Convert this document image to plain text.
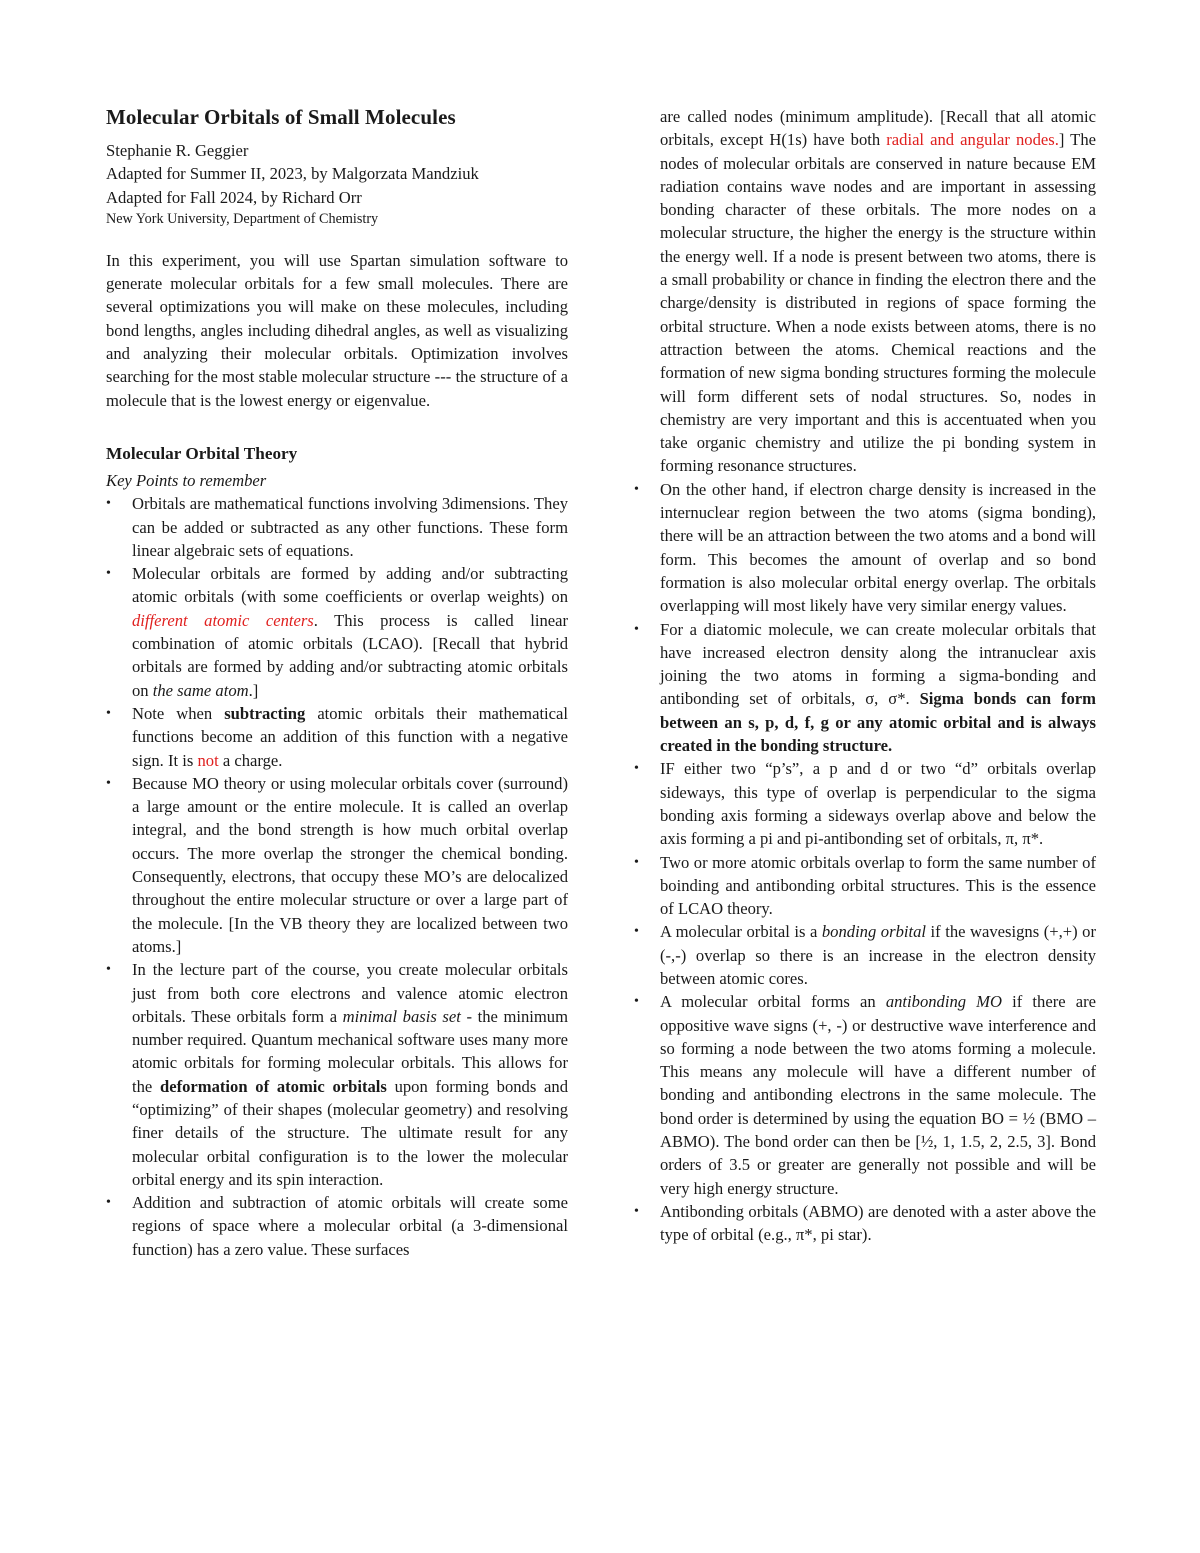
Molecular Orbitals of Small Molecules

Stephanie R. Geggier

Adapted for Summer II, 2023, by Malgorzata Mandziuk

Adapted for Fall 2024, by Richard Orr

New York University, Department of Chemistry

In this experiment, you will use Spartan simulation software to generate molecular orbitals for a few small molecules. There are several optimizations you will make on these molecules, including bond lengths, angles including dihedral angles, as well as visualizing and analyzing their molecular orbitals. Optimization involves searching for the most stable molecular structure --- the structure of a molecule that is the lowest energy or eigenvalue.

Molecular Orbital Theory

Key Points to remember

•	Orbitals are mathematical functions involving 3dimensions. They can be added or subtracted as any other functions. These form linear algebraic sets of equations.
•	Molecular orbitals are formed by adding and/or subtracting atomic orbitals (with some coefficients or overlap weights) on different atomic centers. This process is called linear combination of atomic orbitals (LCAO). [Recall that hybrid orbitals are formed by adding and/or subtracting atomic orbitals on the same atom.]
•	Note when subtracting atomic orbitals their mathematical functions become an addition of this function with a negative sign. It is not a charge.
•	Because MO theory or using molecular orbitals cover (surround) a large amount or the entire molecule. It is called an overlap integral, and the bond strength is how much orbital overlap occurs. The more overlap the stronger the chemical bonding. Consequently, electrons, that occupy these MO’s are delocalized throughout the entire molecular structure or over a large part of the molecule. [In the VB theory they are localized between two atoms.]
•	In the lecture part of the course, you create molecular orbitals just from both core electrons and valence atomic electron orbitals. These orbitals form a minimal basis set - the minimum number required. Quantum mechanical software uses many more atomic orbitals for forming molecular orbitals. This allows for the deformation of atomic orbitals upon forming bonds and “optimizing” of their shapes (molecular geometry) and resolving finer details of the structure. The ultimate result for any molecular orbital configuration is to the lower the molecular orbital energy and its spin interaction.
•	Addition and subtraction of atomic orbitals will create some regions of space where a molecular orbital (a 3-dimensional function) has a zero value. These surfaces

are called nodes (minimum amplitude). [Recall that all atomic orbitals, except H(1s) have both radial and angular nodes.] The nodes of molecular orbitals are conserved in nature because EM radiation contains wave nodes and are important in assessing bonding character of these orbitals. The more nodes on a molecular structure, the higher the energy is the structure within the energy well. If a node is present between two atoms, there is a small probability or chance in finding the electron there and the charge/density is distributed in regions of space forming the orbital structure. When a node exists between atoms, there is no attraction between the atoms. Chemical reactions and the formation of new sigma bonding structures forming the molecule will form different sets of nodal structures. So, nodes in chemistry are very important and this is accentuated when you take organic chemistry and utilize the pi bonding system in forming resonance structures.

•	On the other hand, if electron charge density is increased in the internuclear region between the two atoms (sigma bonding), there will be an attraction between the two atoms and a bond will form. This becomes the amount of overlap and so bond formation is also molecular orbital energy overlap. The orbitals overlapping will most likely have very similar energy values.
•	For a diatomic molecule, we can create molecular orbitals that have increased electron density along the intranuclear axis joining the two atoms in forming a sigma-bonding and antibonding set of orbitals, σ, σ*. Sigma bonds can form between an s, p, d, f, g or any atomic orbital and is always created in the bonding structure.
•	IF either two “p’s”, a p and d or two “d” orbitals overlap sideways, this type of overlap is perpendicular to the sigma bonding axis forming a sideways overlap above and below the axis forming a pi and pi-antibonding set of orbitals, π, π*.
•	Two or more atomic orbitals overlap to form the same number of boinding and antibonding orbital structures. This is the essence of LCAO theory.
•	A molecular orbital is a bonding orbital if the wavesigns (+,+) or (-,-) overlap so there is an increase in the electron density between atomic cores.
•	A molecular orbital forms an antibonding MO if there are oppositive wave signs (+, -) or destructive wave interference and so forming a node between the two atoms forming a molecule. This means any molecule will have a different number of bonding and antibonding electrons in the same molecule. The bond order is determined by using the equation BO = ½ (BMO – ABMO). The bond order can then be [½, 1, 1.5, 2, 2.5, 3]. Bond orders of 3.5 or greater are generally not possible and will be very high energy structure.
•	Antibonding orbitals (ABMO) are denoted with a aster above the type of orbital (e.g., π*, pi star).
